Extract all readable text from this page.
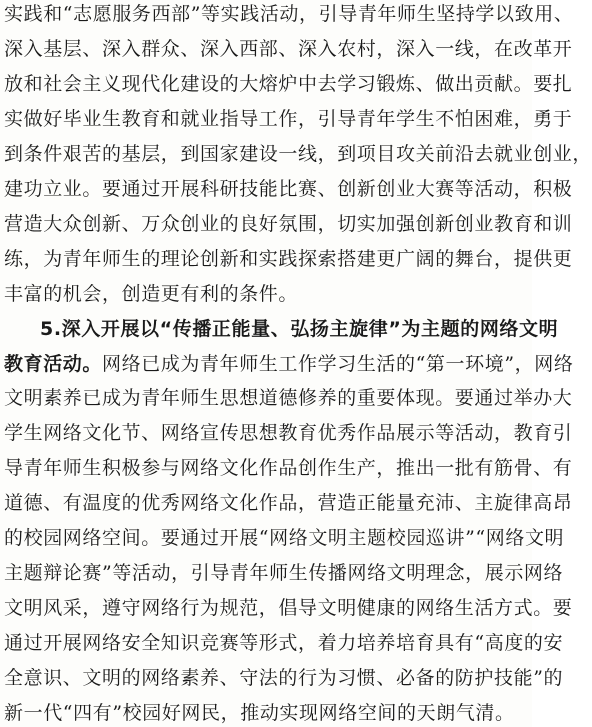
实践和“志愿服务西部”等实践活动，引导青年师生坚持学以致用、
深入基层、深入群众、深入西部、深入农村，深入一线，在改革开
放和社会主义现代化建设的大熔炉中去学习锻炼、做出贡献。要扎
实做好毕业生教育和就业指导工作，引导青年学生不怕困难，勇于
到条件艰苦的基层，到国家建设一线，到项目攻关前沿去就业创业，
建功立业。要通过开展科研技能比赛、创新创业大赛等活动，积极
营造大众创新、万众创业的良好氛围，切实加强创新创业教育和训
练，为青年师生的理论创新和实践探索搭建更广阔的舞台，提供更
丰富的机会，创造更有利的条件。
5.深入开展以“传播正能量、弘扬主旋律”为主题的网络文明
教育活动。网络已成为青年师生工作学习生活的“第一环境”，网络
文明素养已成为青年师生思想道德修养的重要体现。要通过举办大
学生网络文化节、网络宣传思想教育优秀作品展示等活动，教育引
导青年师生积极参与网络文化作品创作生产，推出一批有筋骨、有
道德、有温度的优秀网络文化作品，营造正能量充沛、主旋律高昂
的校园网络空间。要通过开展“网络文明主题校园巡讲”“网络文明
主题辩论赛”等活动，引导青年师生传播网络文明理念，展示网络
文明风采，遵守网络行为规范，倡导文明健康的网络生活方式。要
通过开展网络安全知识竞赛等形式，着力培养培育具有“高度的安
全意识、文明的网络素养、守法的行为习惯、必备的防护技能”的
新一代“四有”校园好网民，推动实现网络空间的天朗气清。
